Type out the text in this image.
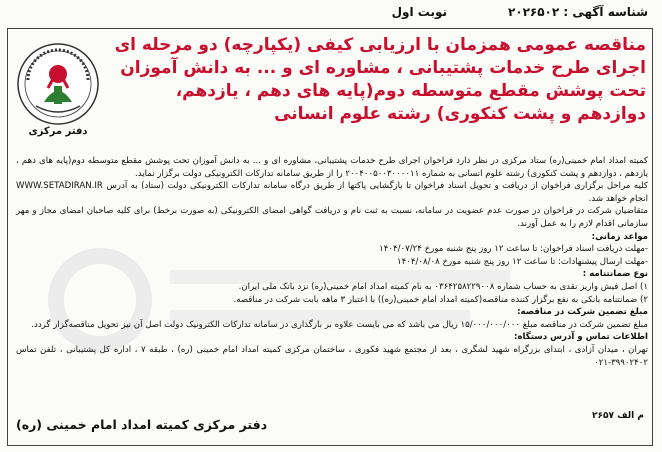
شناسه آگهی : ۲۰۲۶۵۰۲
نوبت اول
دفتر مرکزی
مناقصه عمومی همزمان با ارزیابی کیفی (یکپارچه) دو مرحله ای
اجرای طرح خدمات پشتیبانی ، مشاوره ای و ... به دانش آموزان
تحت پوشش مقطع متوسطه دوم(پایه های دهم ، یازدهم،
دوازدهم و پشت کنکوری) رشته علوم انسانی

کمیته امداد امام خمینی(ره) ستاد مرکزی در نظر دارد فراخوان اجرای طرح خدمات پشتیبانی، مشاوره ای و ... به دانش آموزان تحت پوشش مقطع متوسطه دوم(پایه های دهم ، یازدهم ، دوازدهم و پشت کنکوری) رشته علوم انسانی به شماره ۲۰۰۴۰۰۵۰۰۳۰۰۰۰۱۱ را از طریق سامانه تدارکات الکترونیکی دولت برگزار نماید.

کلیه مراحل برگزاری فراخوان از دریافت و تحویل اسناد فراخوان تا بازگشایی پاکتها از طریق درگاه سامانه تدارکات الکترونیکی دولت (ستاد) به آدرس WWW.SETADIRAN.IR انجام خواهد شد.

متقاضیان شرکت در فراخوان در صورت عدم عضویت در سامانه، نسبت به ثبت نام و دریافت گواهی امضای الکترونیکی (به صورت برخط) برای کلیه صاحبان امضای مجاز و مهر سازمانی اقدام لازم را به عمل آورند.

مواعد زمانی:

-مهلت دریافت اسناد فراخوان: تا ساعت ۱۲ روز پنج شنبه مورخ ۱۴۰۴/۰۷/۲۴

-مهلت ارسال پیشنهادات: تا ساعت ۱۲ روز پنج شنبه مورخ ۱۴۰۴/۰۸/۰۸

نوع ضمانتنامه :

۱) اصل فیش واریز نقدی به حساب شماره ۰۳۶۴۲۵۸۲۲۹۰۰۸ به نام کمیته امداد امام خمینی(ره) نزد بانک ملی ایران.

۲) ضمانتنامه بانکی به نفع برگزار کننده مناقصه(کمیته امداد امام خمینی(ره)) با اعتبار ۳ ماهه بابت شرکت در مناقصه.

مبلغ تضمین شرکت در مناقصه:

مبلغ تضمین شرکت در مناقصه مبلغ ۱۵/۰۰۰/۰۰۰/۰۰۰ ریال می باشد که می بایست علاوه بر بارگذاری در سامانه تدارکات الکترونیک دولت اصل آن نیز تحویل مناقصه‌گزار گردد.

اطلاعات تماس و آدرس دستگاه:

تهران ، میدان آزادی ، ابتدای بزرگراه شهید لشگری ، بعد از مجتمع شهید فکوری ، ساختمان مرکزی کمیته امداد امام خمینی (ره) ، طبقه ۷ ، اداره کل پشتیبانی ، تلفن تماس ۳۹۹۰۲۴۰۲-۰۲۱

م الف ۲۶۵۷
دفتر مرکزی کمیته امداد امام خمینی (ره)
